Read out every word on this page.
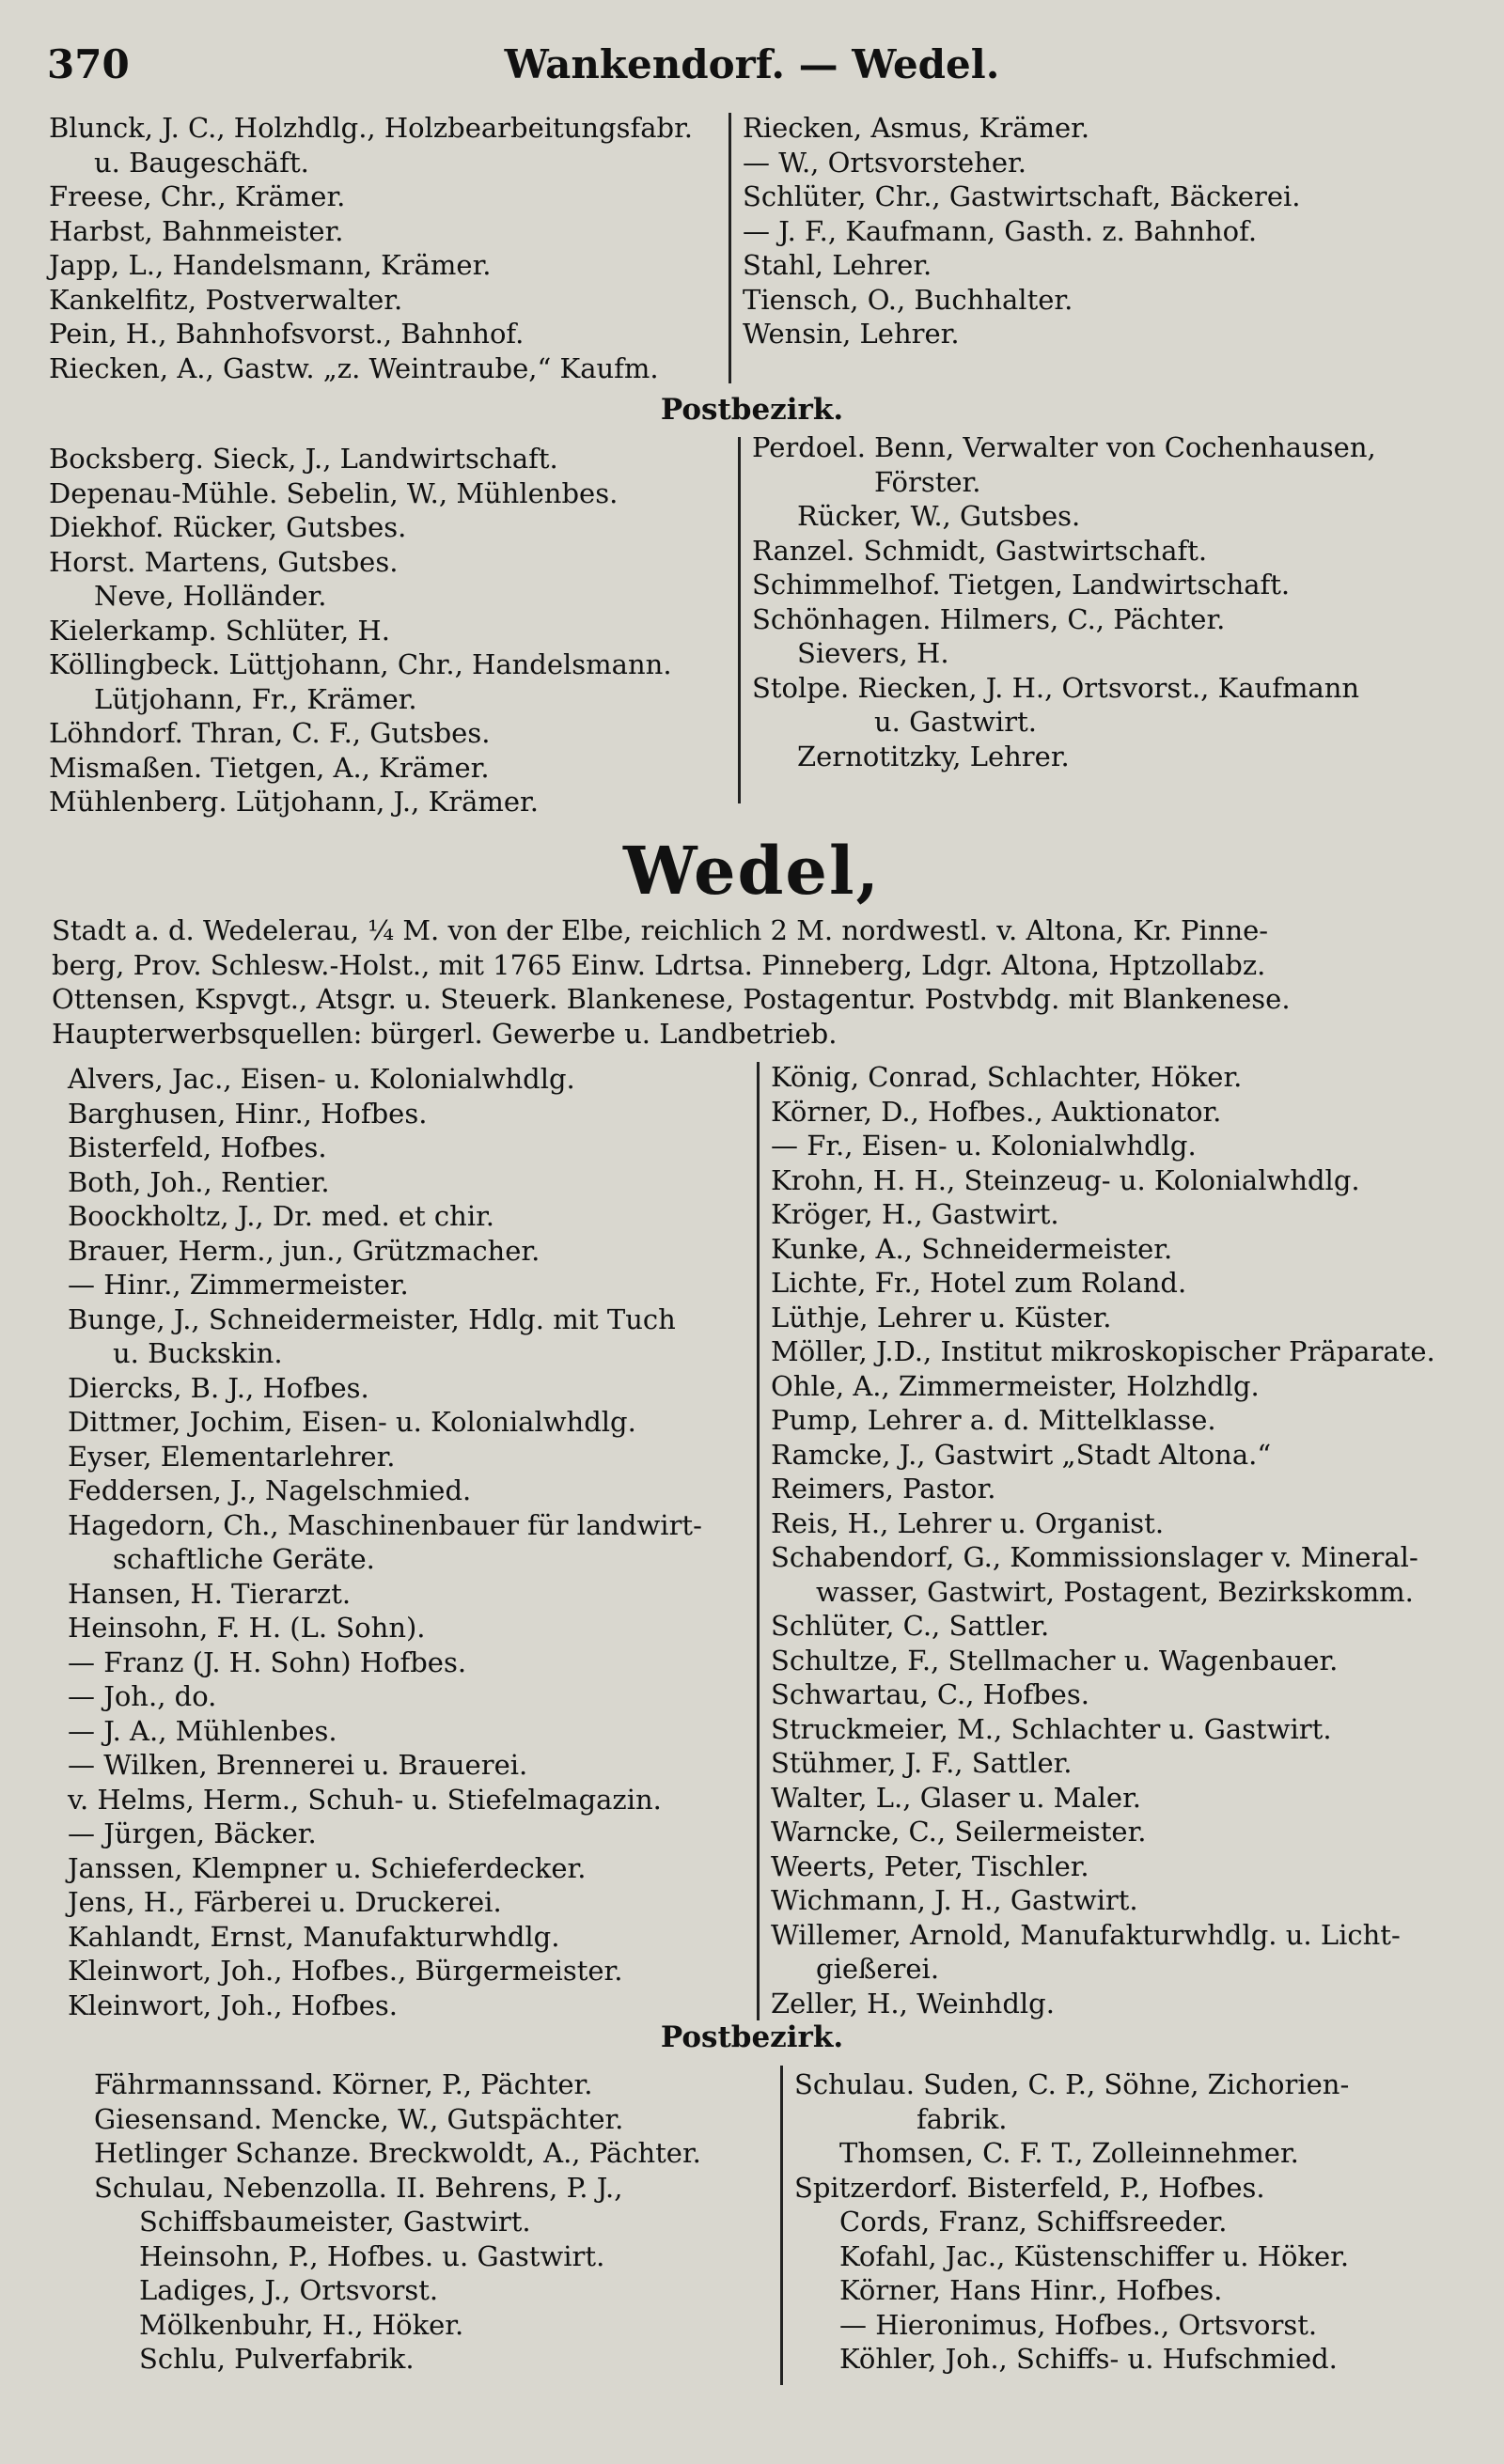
370	Wankendorf. — Wedel.
Blunck, J. C., Holzhdlg., Holzbearbeitungsfabr.
u. Baugeschäft.
Freese, Chr., Krämer.
Harbst, Bahnmeister.
Japp, L., Handelsmann, Krämer.
Kankelfitz, Postverwalter.
Pein, H., Bahnhofsvorst., Bahnhof.
Riecken, A., Gastw. „z. Weintraube,“ Kaufm.
Riecken, Asmus, Krämer.
— W., Ortsvorsteher.
Schlüter, Chr., Gastwirtschaft, Bäckerei.
— J. F., Kaufmann, Gasth. z. Bahnhof.
Stahl, Lehrer.
Tiensch, O., Buchhalter.
Wensin, Lehrer.
Postbezirk.
Bocksberg. Sieck, J., Landwirtschaft.
Depenau-Mühle. Sebelin, W., Mühlenbes.
Diekhof. Rücker, Gutsbes.
Horst. Martens, Gutsbes.
Neve, Holländer.
Kielerkamp. Schlüter, H.
Köllingbeck. Lüttjohann, Chr., Handelsmann.
Lütjohann, Fr., Krämer.
Löhndorf. Thran, C. F., Gutsbes.
Mismaßen. Tietgen, A., Krämer.
Mühlenberg. Lütjohann, J., Krämer.
Perdoel. Benn, Verwalter von Cochenhausen,
Förster.
Rücker, W., Gutsbes.
Ranzel. Schmidt, Gastwirtschaft.
Schimmelhof. Tietgen, Landwirtschaft.
Schönhagen. Hilmers, C., Pächter.
Sievers, H.
Stolpe. Riecken, J. H., Ortsvorst., Kaufmann
u. Gastwirt.
Zernotitzky, Lehrer.
Wedel,
Stadt a. d. Wedelerau, ¼ M. von der Elbe, reichlich 2 M. nordwestl. v. Altona, Kr. Pinne-
berg, Prov. Schlesw.-Holst., mit 1765 Einw. Ldrtsa. Pinneberg, Ldgr. Altona, Hptzollabz.
Ottensen, Kspvgt., Atsgr. u. Steuerk. Blankenese, Postagentur. Postvbdg. mit Blankenese.
Haupterwerbsquellen: bürgerl. Gewerbe u. Landbetrieb.
Alvers, Jac., Eisen- u. Kolonialwhdlg.
Barghusen, Hinr., Hofbes.
Bisterfeld, Hofbes.
Both, Joh., Rentier.
Boockholtz, J., Dr. med. et chir.
Brauer, Herm., jun., Grützmacher.
— Hinr., Zimmermeister.
Bunge, J., Schneidermeister, Hdlg. mit Tuch
u. Buckskin.
Diercks, B. J., Hofbes.
Dittmer, Jochim, Eisen- u. Kolonialwhdlg.
Eyser, Elementarlehrer.
Feddersen, J., Nagelschmied.
Hagedorn, Ch., Maschinenbauer für landwirt-
schaftliche Geräte.
Hansen, H. Tierarzt.
Heinsohn, F. H. (L. Sohn).
— Franz (J. H. Sohn) Hofbes.
— Joh., do.
— J. A., Mühlenbes.
— Wilken, Brennerei u. Brauerei.
v. Helms, Herm., Schuh- u. Stiefelmagazin.
— Jürgen, Bäcker.
Janssen, Klempner u. Schieferdecker.
Jens, H., Färberei u. Druckerei.
Kahlandt, Ernst, Manufakturwhdlg.
Kleinwort, Joh., Hofbes., Bürgermeister.
Kleinwort, Joh., Hofbes.
König, Conrad, Schlachter, Höker.
Körner, D., Hofbes., Auktionator.
— Fr., Eisen- u. Kolonialwhdlg.
Krohn, H. H., Steinzeug- u. Kolonialwhdlg.
Kröger, H., Gastwirt.
Kunke, A., Schneidermeister.
Lichte, Fr., Hotel zum Roland.
Lüthje, Lehrer u. Küster.
Möller, J.D., Institut mikroskopischer Präparate.
Ohle, A., Zimmermeister, Holzhdlg.
Pump, Lehrer a. d. Mittelklasse.
Ramcke, J., Gastwirt „Stadt Altona.“
Reimers, Pastor.
Reis, H., Lehrer u. Organist.
Schabendorf, G., Kommissionslager v. Mineral-
wasser, Gastwirt, Postagent, Bezirkskomm.
Schlüter, C., Sattler.
Schultze, F., Stellmacher u. Wagenbauer.
Schwartau, C., Hofbes.
Struckmeier, M., Schlachter u. Gastwirt.
Stühmer, J. F., Sattler.
Walter, L., Glaser u. Maler.
Warncke, C., Seilermeister.
Weerts, Peter, Tischler.
Wichmann, J. H., Gastwirt.
Willemer, Arnold, Manufakturwhdlg. u. Licht-
gießerei.
Zeller, H., Weinhdlg.
Postbezirk.
Fährmannssand. Körner, P., Pächter.
Giesensand. Mencke, W., Gutspächter.
Hetlinger Schanze. Breckwoldt, A., Pächter.
Schulau, Nebenzolla. II. Behrens, P. J.,
Schiffsbaumeister, Gastwirt.
Heinsohn, P., Hofbes. u. Gastwirt.
Ladiges, J., Ortsvorst.
Mölkenbuhr, H., Höker.
Schlu, Pulverfabrik.
Schulau. Suden, C. P., Söhne, Zichorien-
fabrik.
Thomsen, C. F. T., Zolleinnehmer.
Spitzerdorf. Bisterfeld, P., Hofbes.
Cords, Franz, Schiffsreeder.
Kofahl, Jac., Küstenschiffer u. Höker.
Körner, Hans Hinr., Hofbes.
— Hieronimus, Hofbes., Ortsvorst.
Köhler, Joh., Schiffs- u. Hufschmied.
